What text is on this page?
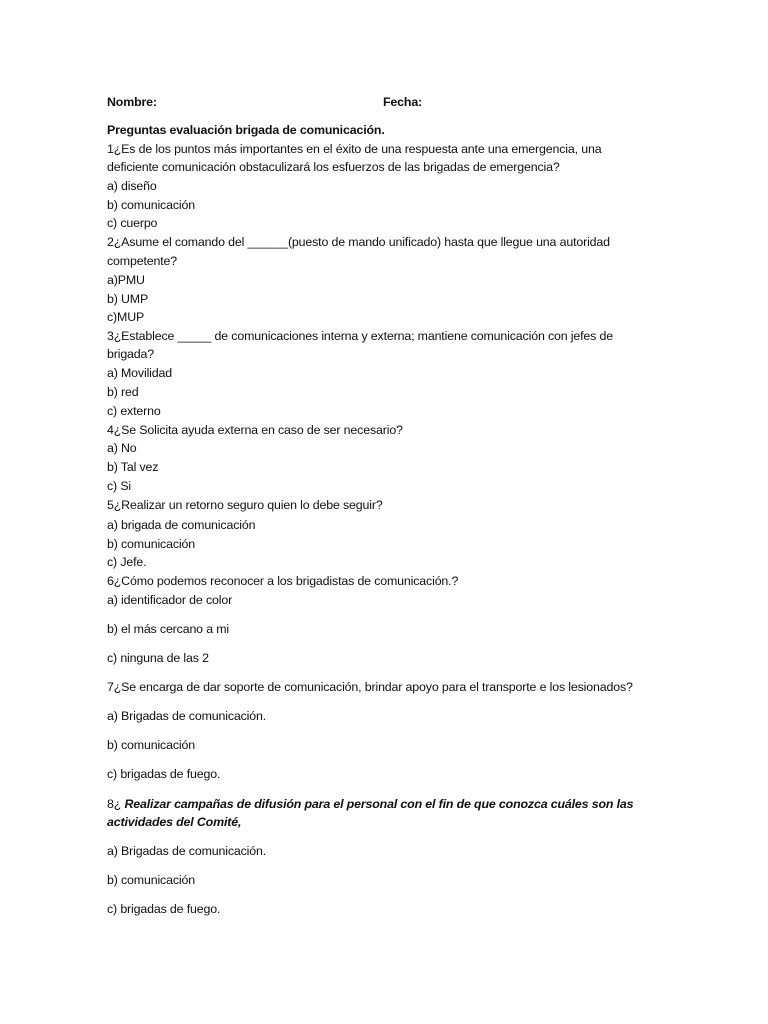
Nombre:	Fecha:
Preguntas evaluación brigada de comunicación.
1¿Es de los puntos más importantes en el éxito de una respuesta ante una emergencia, una
deficiente comunicación obstaculizará los esfuerzos de las brigadas de emergencia?
a) diseño
b) comunicación
c) cuerpo
2¿Asume el comando del ______(puesto de mando unificado) hasta que llegue una autoridad
competente?
a)PMU
b) UMP
c)MUP
3¿Establece _____ de comunicaciones interna y externa; mantiene comunicación con jefes de
brigada?
a) Movilidad
b) red
c) externo
4¿Se Solicita ayuda externa en caso de ser necesario?
a) No
b) Tal vez
c) Si
5¿Realizar un retorno seguro quien lo debe seguir?
a) brigada de comunicación
b) comunicación
c) Jefe.
6¿Cómo podemos reconocer a los brigadistas de comunicación.?
a) identificador de color
b) el más cercano a mi
c) ninguna de las 2
7¿Se encarga de dar soporte de comunicación, brindar apoyo para el transporte e los lesionados?
a) Brigadas de comunicación.
b) comunicación
c) brigadas de fuego.
8¿ Realizar campañas de difusión para el personal con el fin de que conozca cuáles son las
actividades del Comité,
a) Brigadas de comunicación.
b) comunicación
c) brigadas de fuego.
